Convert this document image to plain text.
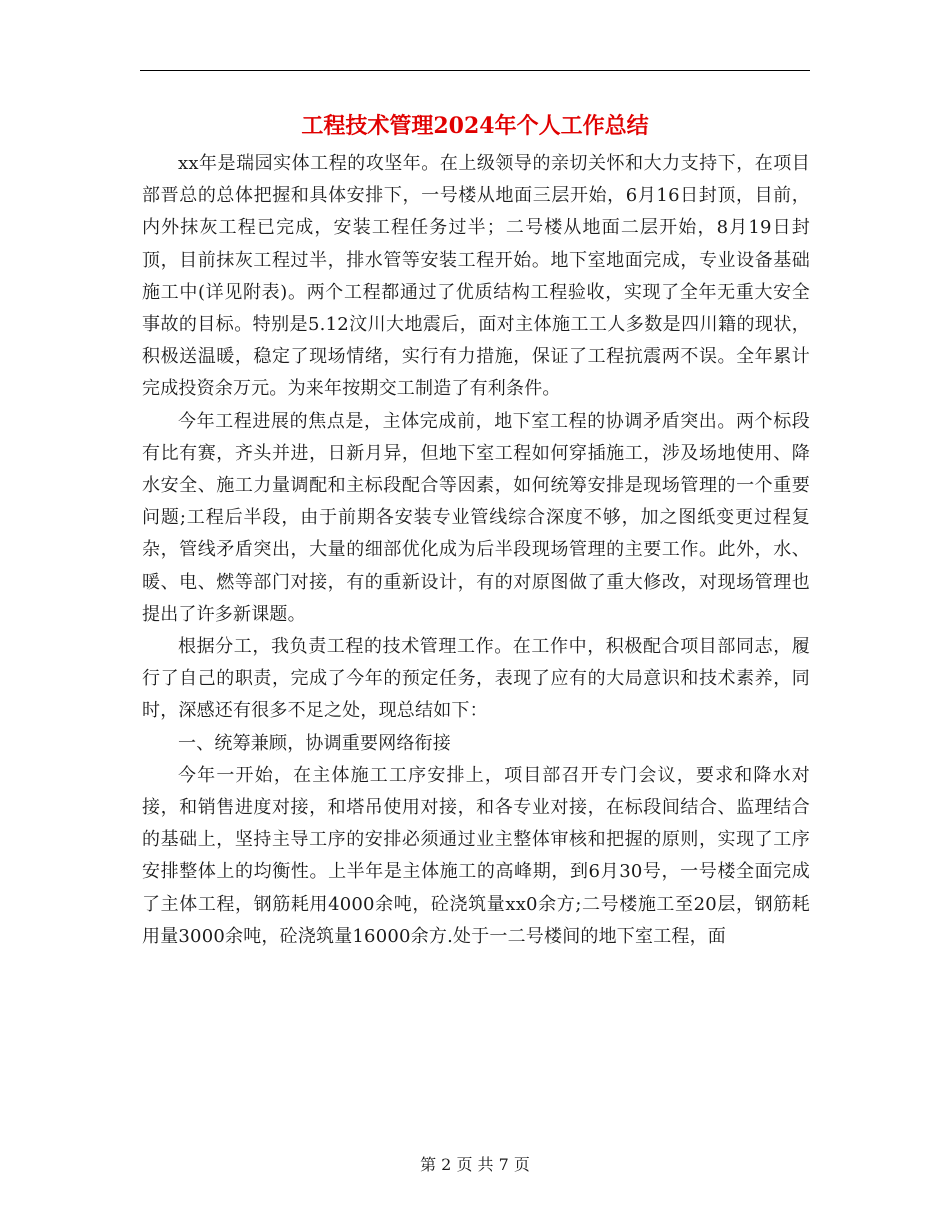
工程技术管理2024年个人工作总结

xx年是瑞园实体工程的攻坚年。在上级领导的亲切关怀和大力支持下，在项目部晋总的总体把握和具体安排下，一号楼从地面三层开始，6月16日封顶，目前，内外抹灰工程已完成，安装工程任务过半；二号楼从地面二层开始，8月19日封顶，目前抹灰工程过半，排水管等安装工程开始。地下室地面完成，专业设备基础施工中(详见附表)。两个工程都通过了优质结构工程验收，实现了全年无重大安全事故的目标。特别是5.12汶川大地震后，面对主体施工工人多数是四川籍的现状，积极送温暖，稳定了现场情绪，实行有力措施，保证了工程抗震两不误。全年累计完成投资余万元。为来年按期交工制造了有利条件。

今年工程进展的焦点是，主体完成前，地下室工程的协调矛盾突出。两个标段有比有赛，齐头并进，日新月异，但地下室工程如何穿插施工，涉及场地使用、降水安全、施工力量调配和主标段配合等因素，如何统筹安排是现场管理的一个重要问题;工程后半段，由于前期各安装专业管线综合深度不够，加之图纸变更过程复杂，管线矛盾突出，大量的细部优化成为后半段现场管理的主要工作。此外，水、暖、电、燃等部门对接，有的重新设计，有的对原图做了重大修改，对现场管理也提出了许多新课题。

根据分工，我负责工程的技术管理工作。在工作中，积极配合项目部同志，履行了自己的职责，完成了今年的预定任务，表现了应有的大局意识和技术素养，同时，深感还有很多不足之处，现总结如下：

一、统筹兼顾，协调重要网络衔接

今年一开始，在主体施工工序安排上，项目部召开专门会议，要求和降水对接，和销售进度对接，和塔吊使用对接，和各专业对接，在标段间结合、监理结合的基础上，坚持主导工序的安排必须通过业主整体审核和把握的原则，实现了工序安排整体上的均衡性。上半年是主体施工的高峰期，到6月30号，一号楼全面完成了主体工程，钢筋耗用4000余吨，砼浇筑量xx0余方;二号楼施工至20层，钢筋耗用量3000余吨，砼浇筑量16000余方.处于一二号楼间的地下室工程，面

第 2 页 共 7 页
